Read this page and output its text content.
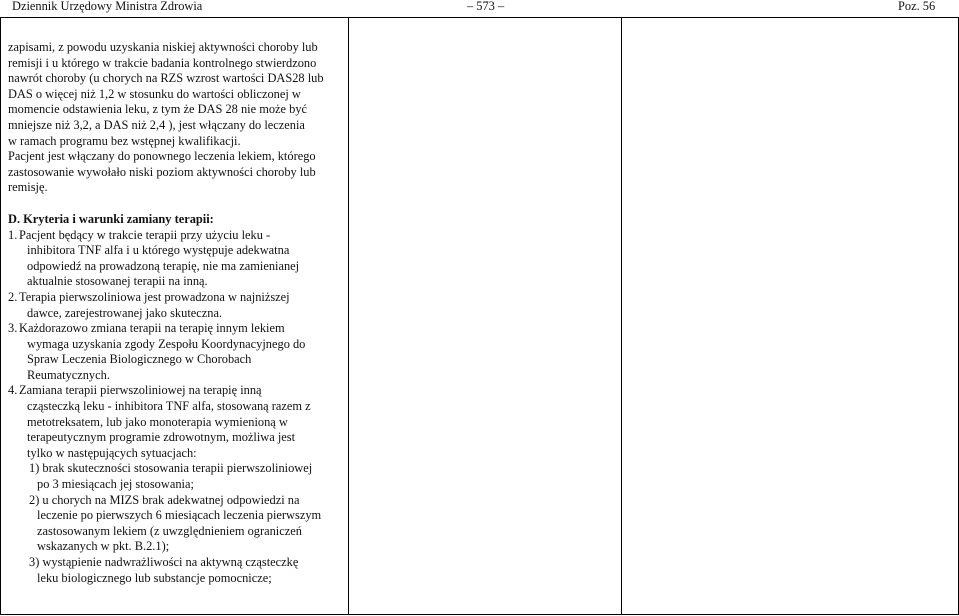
Dziennik Urzędowy Ministra Zdrowia	– 573 –	Poz. 56

zapisami, z powodu uzyskania niskiej aktywności choroby lub

remisji i u którego w trakcie badania kontrolnego stwierdzono

nawrót choroby (u chorych na RZS wzrost wartości DAS28 lub

DAS o więcej niż 1,2 w stosunku do wartości obliczonej w

momencie odstawienia leku, z tym że DAS 28 nie może być

mniejsze niż 3,2, a DAS niż 2,4 ), jest włączany do leczenia

w ramach programu bez wstępnej kwalifikacji.

Pacjent jest włączany do ponownego leczenia lekiem, którego

zastosowanie wywołało niski poziom aktywności choroby lub

remisję.

D. Kryteria i warunki zamiany terapii:

1. Pacjent będący w trakcie terapii przy użyciu leku -

inhibitora TNF alfa i u którego występuje adekwatna

odpowiedź na prowadzoną terapię, nie ma zamienianej

aktualnie stosowanej terapii na inną.

2. Terapia pierwszoliniowa jest prowadzona w najniższej

dawce, zarejestrowanej jako skuteczna.

3. Każdorazowo zmiana terapii na terapię innym lekiem

wymaga uzyskania zgody Zespołu Koordynacyjnego do

Spraw Leczenia Biologicznego w Chorobach

Reumatycznych.

4. Zamiana terapii pierwszoliniowej na terapię inną

cząsteczką leku - inhibitora TNF alfa, stosowaną razem z

metotreksatem, lub jako monoterapia wymienioną w

terapeutycznym programie zdrowotnym, możliwa jest

tylko w następujących sytuacjach:

1) brak skuteczności stosowania terapii pierwszoliniowej

po 3 miesiącach jej stosowania;

2) u chorych na MIZS brak adekwatnej odpowiedzi na

leczenie po pierwszych 6 miesiącach leczenia pierwszym

zastosowanym lekiem (z uwzględnieniem ograniczeń

wskazanych w pkt. B.2.1);

3) wystąpienie nadwrażliwości na aktywną cząsteczkę

leku biologicznego lub substancje pomocnicze;
